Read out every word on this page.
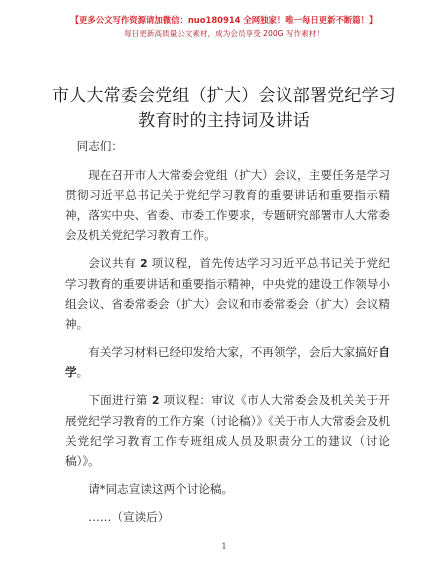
【更多公文写作资源请加微信：nuo180914 全网独家！唯一每日更新不断篇！】
每日更新高质量公文素材，成为会员享受 200G 写作素材！
市人大常委会党组（扩大）会议部署党纪学习
教育时的主持词及讲话

同志们：

现在召开市人大常委会党组（扩大）会议，主要任务是学习贯彻习近平总书记关于党纪学习教育的重要讲话和重要指示精神，落实中央、省委、市委工作要求，专题研究部署市人大常委会及机关党纪学习教育工作。

会议共有 2 项议程，首先传达学习习近平总书记关于党纪学习教育的重要讲话和重要指示精神，中央党的建设工作领导小组会议、省委常委会（扩大）会议和市委常委会（扩大）会议精神。

有关学习材料已经印发给大家，不再领学，会后大家搞好自学。

下面进行第 2 项议程：审议《市人大常委会及机关关于开展党纪学习教育的工作方案（讨论稿）》《关于市人大常委会及机关党纪学习教育工作专班组成人员及职责分工的建议（讨论稿）》。

请*同志宣读这两个讨论稿。

……（宣读后）

1
